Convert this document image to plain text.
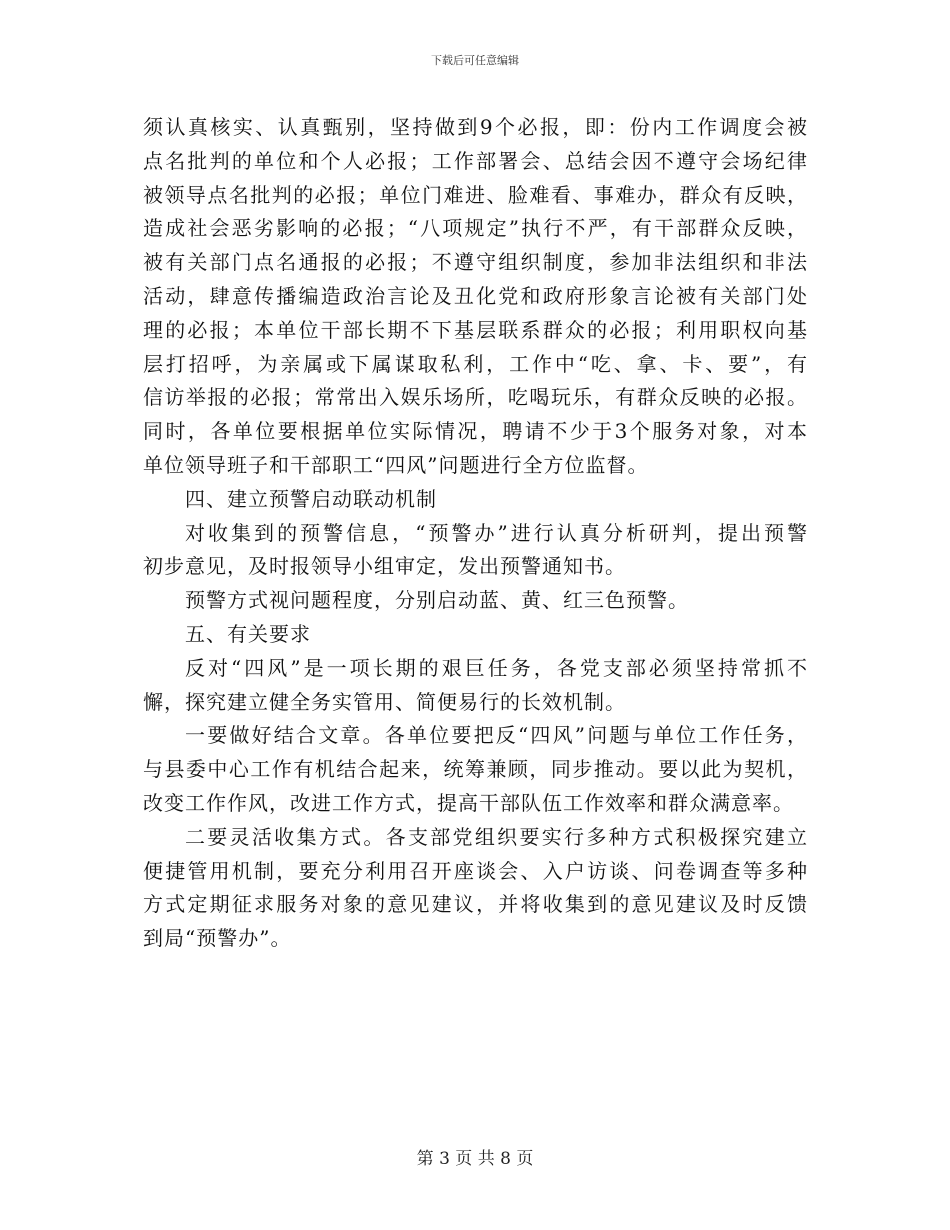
下载后可任意编辑
须认真核实、认真甄别，坚持做到9个必报，即：份内工作调度会被
点名批判的单位和个人必报；工作部署会、总结会因不遵守会场纪律
被领导点名批判的必报；单位门难进、脸难看、事难办，群众有反映，
造成社会恶劣影响的必报；“八项规定”执行不严，有干部群众反映，
被有关部门点名通报的必报；不遵守组织制度，参加非法组织和非法
活动，肆意传播编造政治言论及丑化党和政府形象言论被有关部门处
理的必报；本单位干部长期不下基层联系群众的必报；利用职权向基
层打招呼，为亲属或下属谋取私利，工作中“吃、拿、卡、要”，有
信访举报的必报；常常出入娱乐场所，吃喝玩乐，有群众反映的必报。
同时，各单位要根据单位实际情况，聘请不少于3个服务对象，对本
单位领导班子和干部职工“四风”问题进行全方位监督。
四、建立预警启动联动机制
对收集到的预警信息，“预警办”进行认真分析研判，提出预警
初步意见，及时报领导小组审定，发出预警通知书。
预警方式视问题程度，分别启动蓝、黄、红三色预警。
五、有关要求
反对“四风”是一项长期的艰巨任务，各党支部必须坚持常抓不
懈，探究建立健全务实管用、简便易行的长效机制。
一要做好结合文章。各单位要把反“四风”问题与单位工作任务，
与县委中心工作有机结合起来，统筹兼顾，同步推动。要以此为契机，
改变工作作风，改进工作方式，提高干部队伍工作效率和群众满意率。
二要灵活收集方式。各支部党组织要实行多种方式积极探究建立
便捷管用机制，要充分利用召开座谈会、入户访谈、问卷调查等多种
方式定期征求服务对象的意见建议，并将收集到的意见建议及时反馈
到局“预警办”。
第 3 页 共 8 页
